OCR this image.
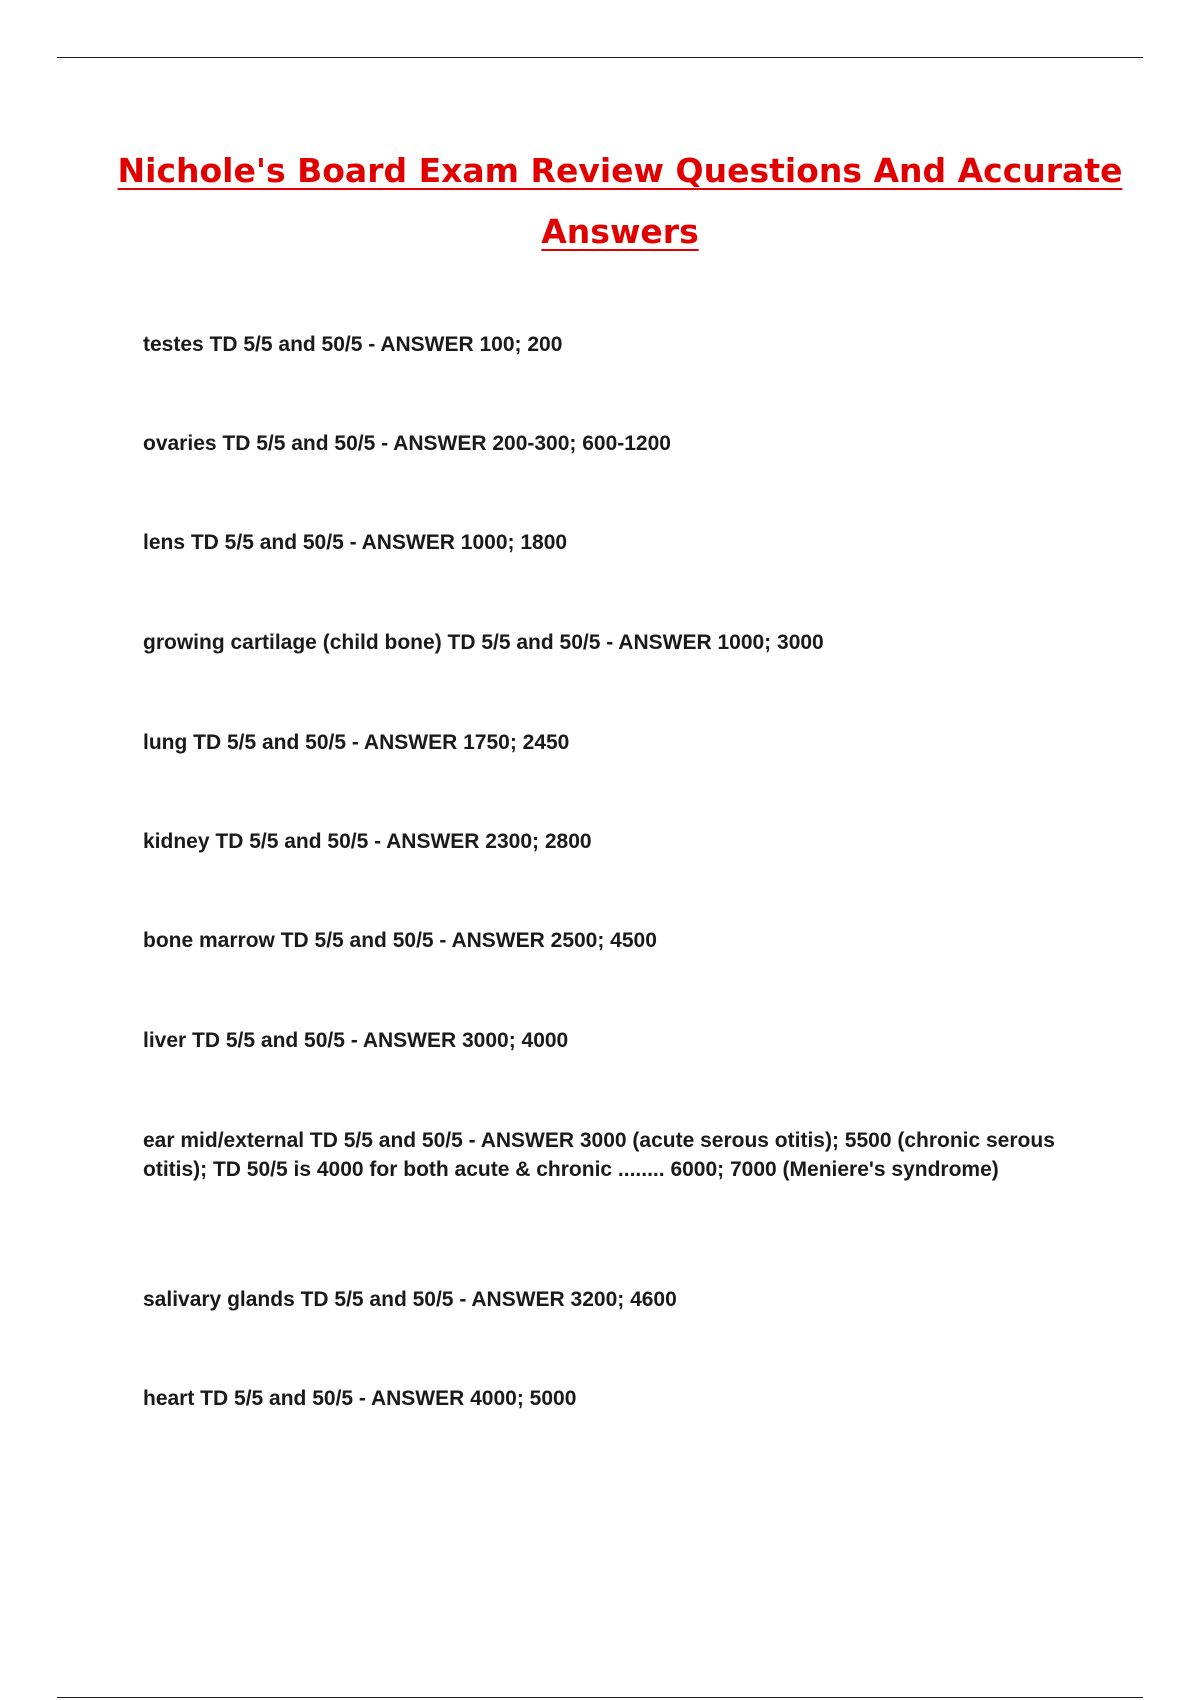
Nichole's Board Exam Review Questions And Accurate Answers
testes TD 5/5 and 50/5 - ANSWER 100; 200
ovaries TD 5/5 and 50/5 - ANSWER 200-300; 600-1200
lens TD 5/5 and 50/5 - ANSWER 1000; 1800
growing cartilage (child bone) TD 5/5 and 50/5 - ANSWER 1000; 3000
lung TD 5/5 and 50/5 - ANSWER 1750; 2450
kidney TD 5/5 and 50/5 - ANSWER 2300; 2800
bone marrow TD 5/5 and 50/5 - ANSWER 2500; 4500
liver TD 5/5 and 50/5 - ANSWER 3000; 4000
ear mid/external TD 5/5 and 50/5 - ANSWER 3000 (acute serous otitis); 5500 (chronic serous otitis); TD 50/5 is 4000 for both acute & chronic ........ 6000; 7000 (Meniere's syndrome)
salivary glands TD 5/5 and 50/5 - ANSWER 3200; 4600
heart TD 5/5 and 50/5 - ANSWER 4000; 5000
